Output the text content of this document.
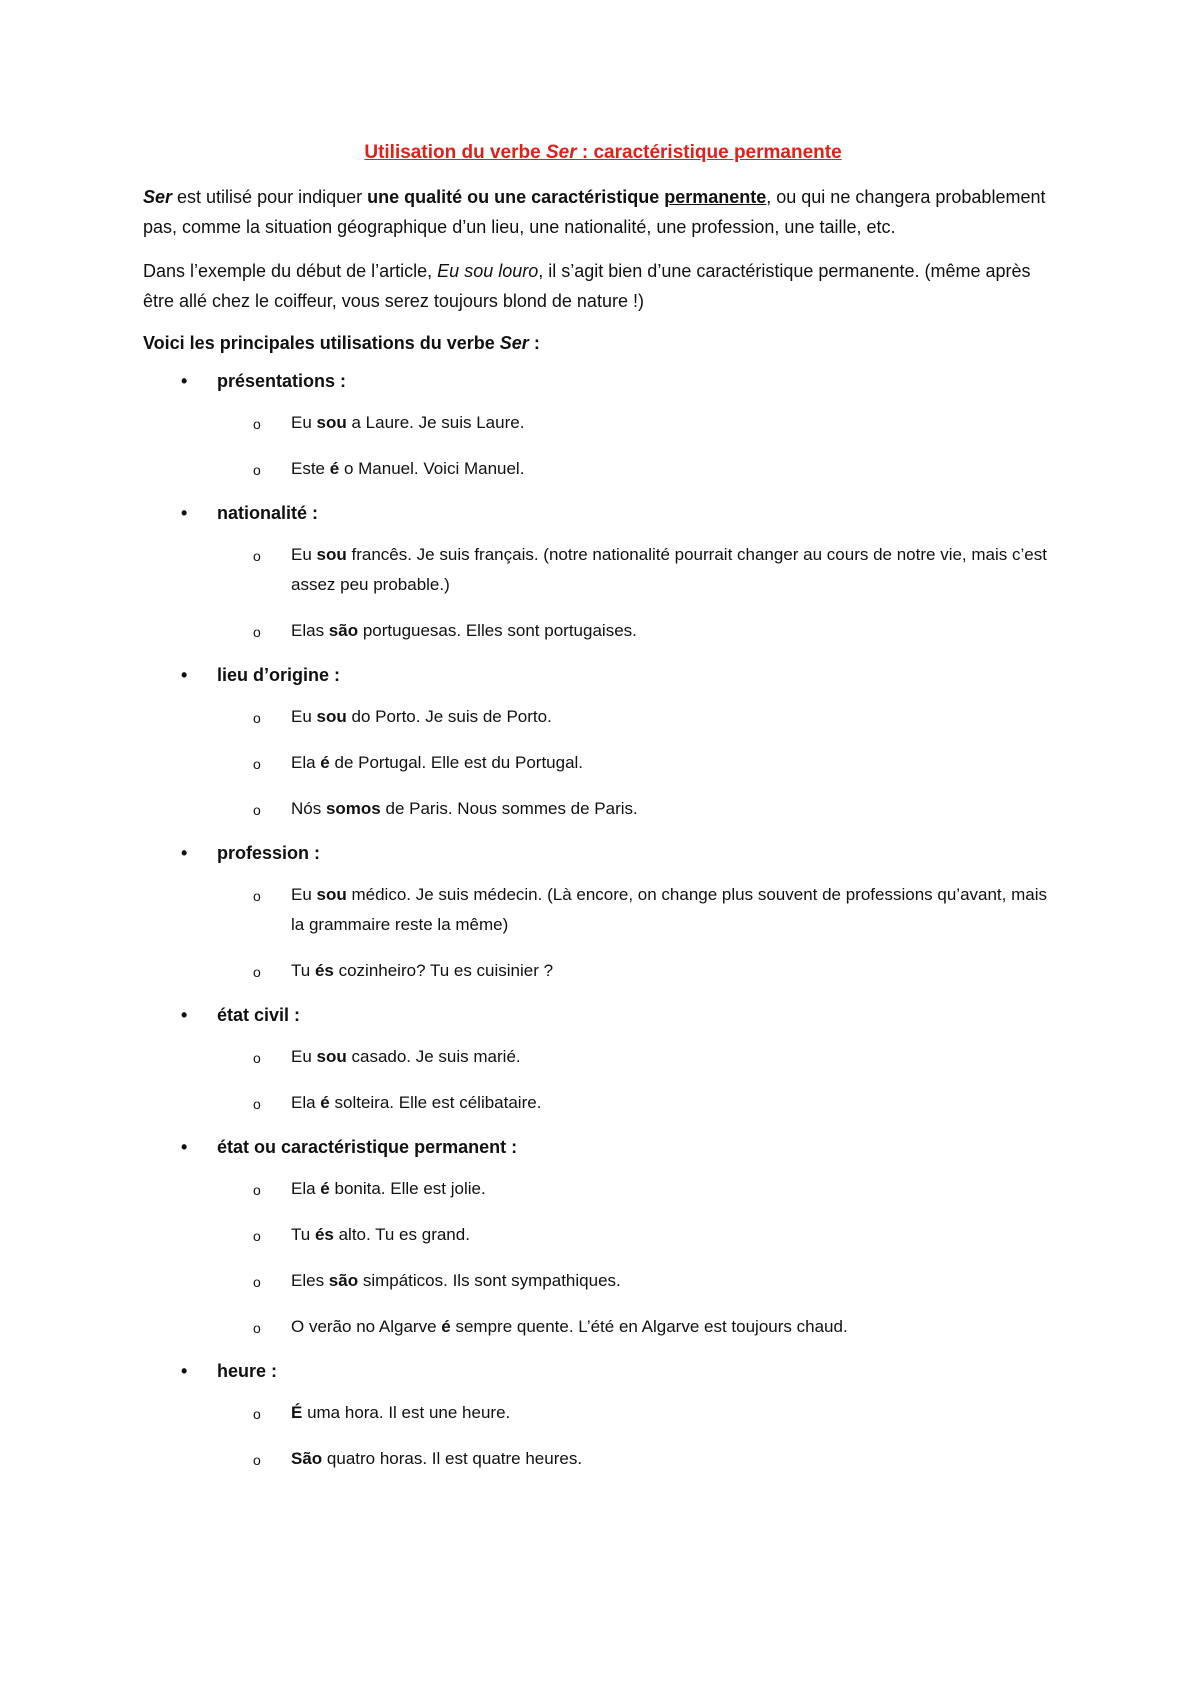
Utilisation du verbe Ser : caractéristique permanente

Ser est utilisé pour indiquer une qualité ou une caractéristique permanente, ou qui ne changera probablement pas, comme la situation géographique d’un lieu, une nationalité, une profession, une taille, etc.

Dans l’exemple du début de l’article, Eu sou louro, il s’agit bien d’une caractéristique permanente. (même après être allé chez le coiffeur, vous serez toujours blond de nature !)

Voici les principales utilisations du verbe Ser :
• présentations :
o Eu sou a Laure. Je suis Laure.
o Este é o Manuel. Voici Manuel.
• nationalité :
o Eu sou francês. Je suis français. (notre nationalité pourrait changer au cours de notre vie, mais c’est assez peu probable.)
o Elas são portuguesas. Elles sont portugaises.
• lieu d’origine :
o Eu sou do Porto. Je suis de Porto.
o Ela é de Portugal. Elle est du Portugal.
o Nós somos de Paris. Nous sommes de Paris.
• profession :
o Eu sou médico. Je suis médecin. (Là encore, on change plus souvent de professions qu’avant, mais la grammaire reste la même)
o Tu és cozinheiro? Tu es cuisinier ?
• état civil :
o Eu sou casado. Je suis marié.
o Ela é solteira. Elle est célibataire.
• état ou caractéristique permanent :
o Ela é bonita. Elle est jolie.
o Tu és alto. Tu es grand.
o Eles são simpáticos. Ils sont sympathiques.
o O verão no Algarve é sempre quente. L’été en Algarve est toujours chaud.
• heure :
o É uma hora. Il est une heure.
o São quatro horas. Il est quatre heures.
